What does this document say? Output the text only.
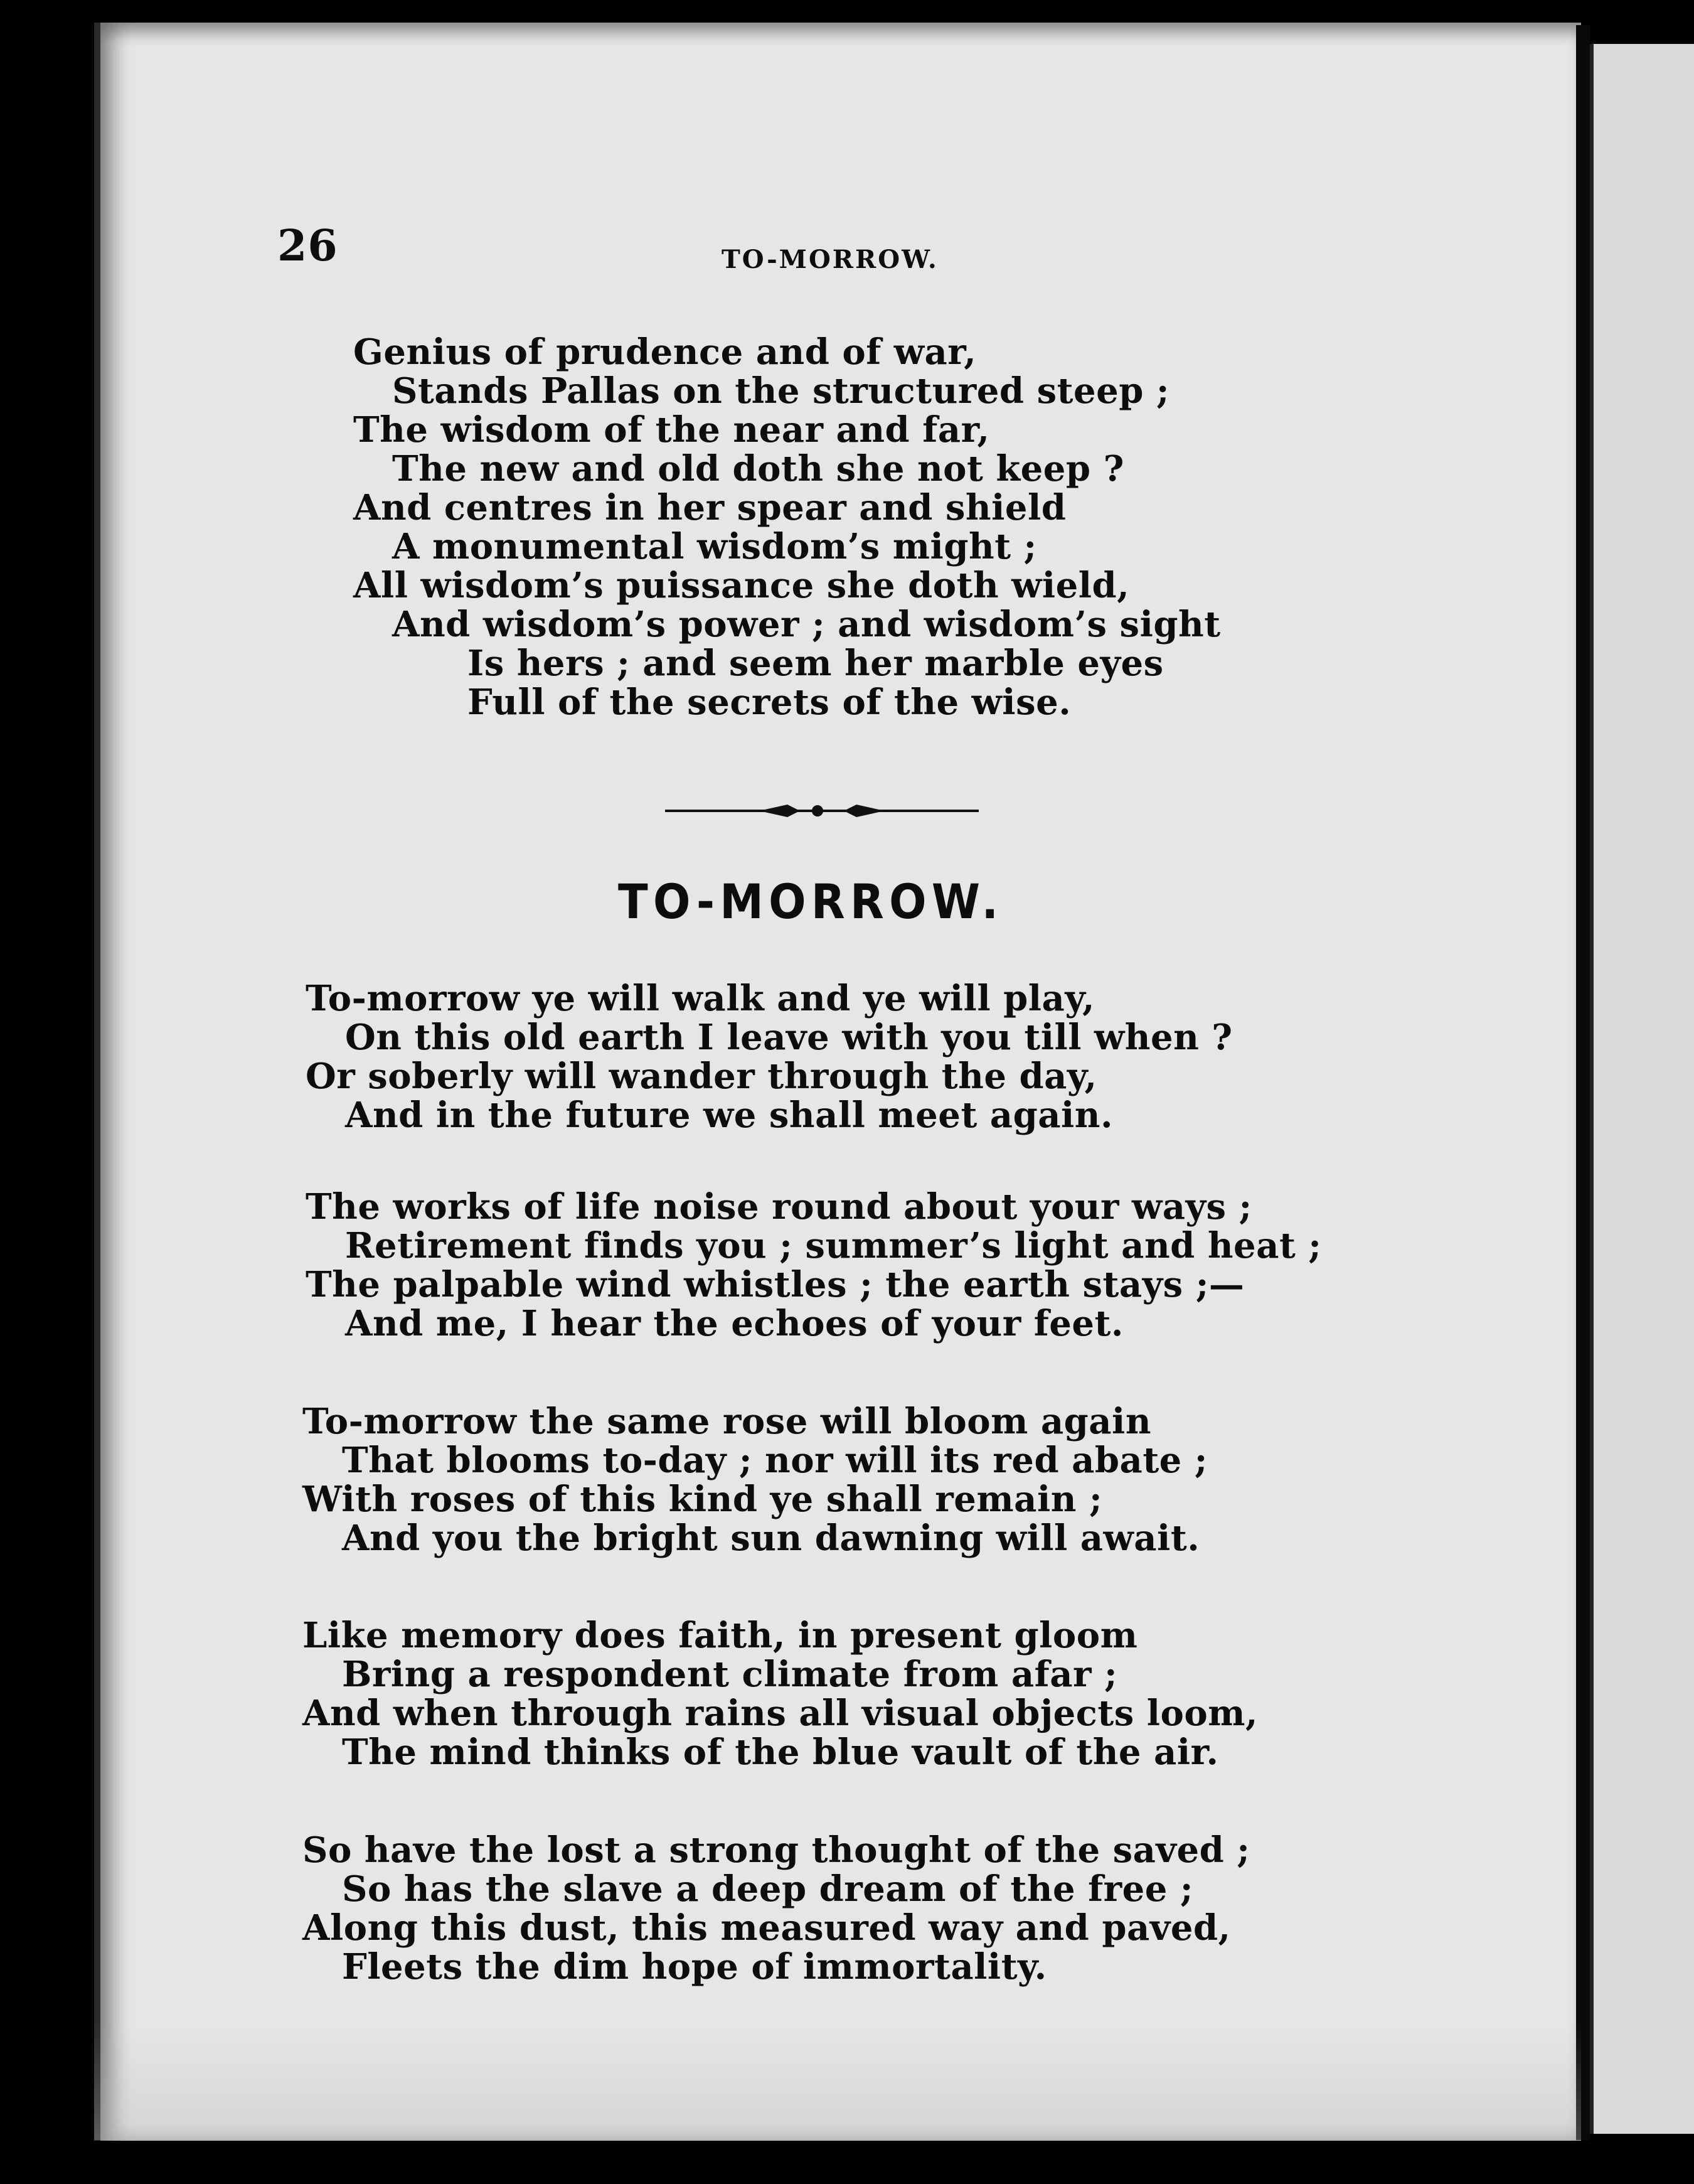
26	TO-MORROW.
Genius of prudence and of war,
Stands Pallas on the structured steep ;
The wisdom of the near and far,
The new and old doth she not keep ?
And centres in her spear and shield
A monumental wisdom’s might ;
All wisdom’s puissance she doth wield,
And wisdom’s power ; and wisdom’s sight
Is hers ; and seem her marble eyes
Full of the secrets of the wise.
TO-MORROW.
To-morrow ye will walk and ye will play,
On this old earth I leave with you till when ?
Or soberly will wander through the day,
And in the future we shall meet again.
The works of life noise round about your ways ;
Retirement finds you ; summer’s light and heat ;
The palpable wind whistles ; the earth stays ;—
And me, I hear the echoes of your feet.
To-morrow the same rose will bloom again
That blooms to-day ; nor will its red abate ;
With roses of this kind ye shall remain ;
And you the bright sun dawning will await.
Like memory does faith, in present gloom
Bring a respondent climate from afar ;
And when through rains all visual objects loom,
The mind thinks of the blue vault of the air.
So have the lost a strong thought of the saved ;
So has the slave a deep dream of the free ;
Along this dust, this measured way and paved,
Fleets the dim hope of immortality.
